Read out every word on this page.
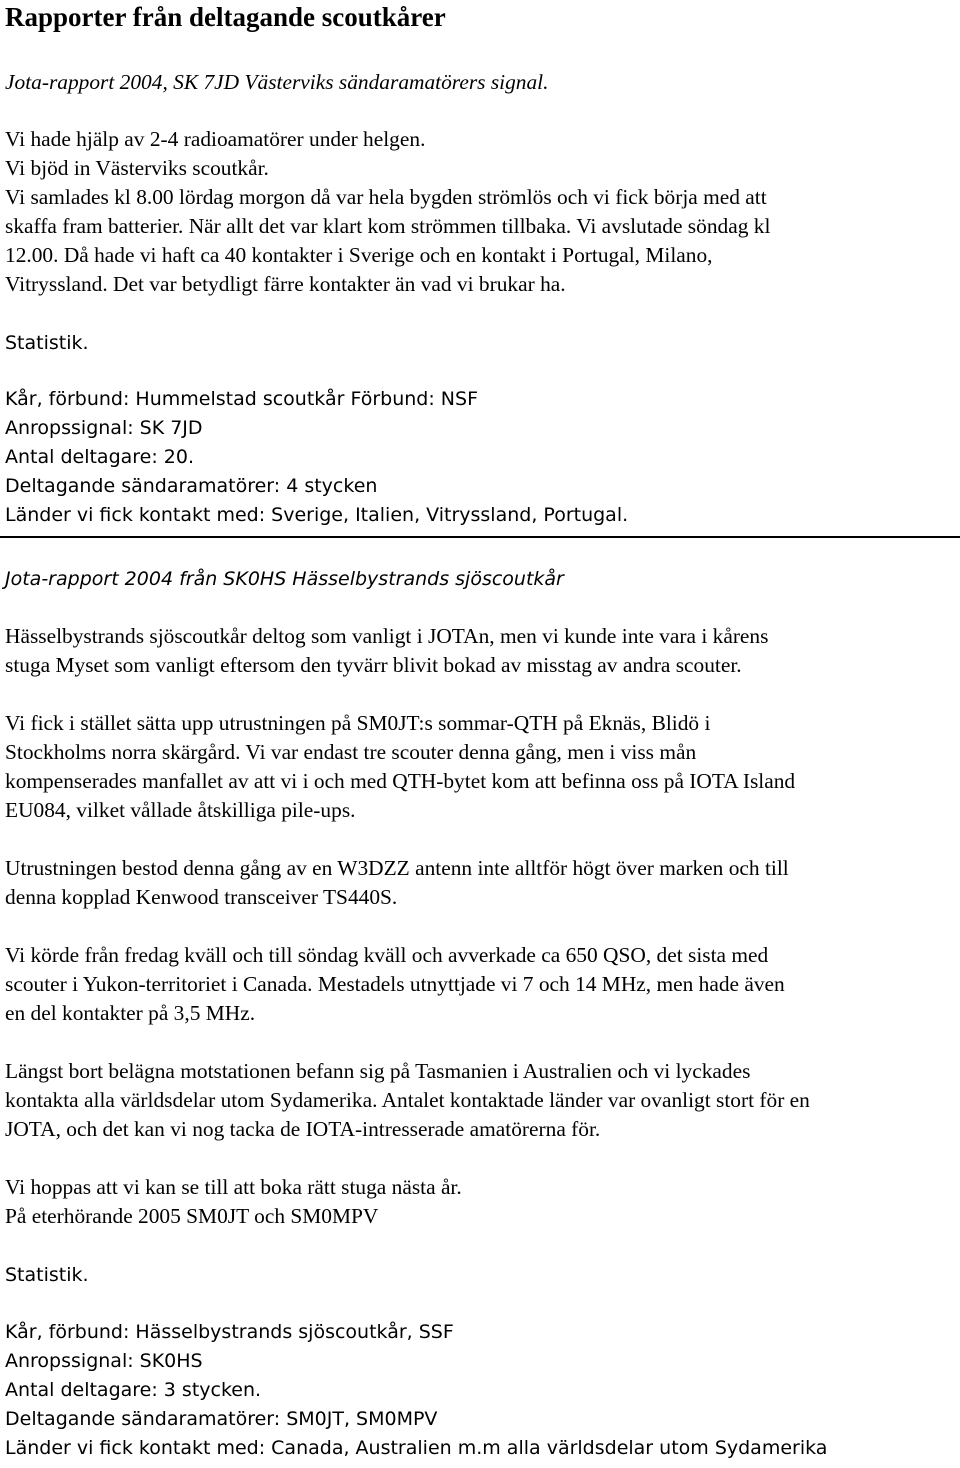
Rapporter från deltagande scoutkårer
Jota-rapport 2004, SK 7JD Västerviks sändaramatörers signal.
Vi hade hjälp av 2-4 radioamatörer under helgen.
Vi bjöd in Västerviks scoutkår.
Vi samlades kl 8.00 lördag morgon då var hela bygden strömlös och vi fick börja med att
skaffa fram batterier. När allt det var klart kom strömmen tillbaka. Vi avslutade söndag kl
12.00. Då hade vi haft ca 40 kontakter i Sverige och en kontakt i Portugal, Milano,
Vitryssland. Det var betydligt färre kontakter än vad vi brukar ha.
Statistik.
Kår, förbund: Hummelstad scoutkår Förbund: NSF
Anropssignal: SK 7JD
Antal deltagare: 20.
Deltagande sändaramatörer: 4 stycken
Länder vi fick kontakt med: Sverige, Italien, Vitryssland, Portugal.
Jota-rapport 2004 från SK0HS Hässelbystrands sjöscoutkår
Hässelbystrands sjöscoutkår deltog som vanligt i JOTAn, men vi kunde inte vara i kårens
stuga Myset som vanligt eftersom den tyvärr blivit bokad av misstag av andra scouter.
Vi fick i stället sätta upp utrustningen på SM0JT:s sommar-QTH på Eknäs, Blidö i
Stockholms norra skärgård. Vi var endast tre scouter denna gång, men i viss mån
kompenserades manfallet av att vi i och med QTH-bytet kom att befinna oss på IOTA Island
EU084, vilket vållade åtskilliga pile-ups.
Utrustningen bestod denna gång av en W3DZZ antenn inte alltför högt över marken och till
denna kopplad Kenwood transceiver TS440S.
Vi körde från fredag kväll och till söndag kväll och avverkade ca 650 QSO, det sista med
scouter i Yukon-territoriet i Canada. Mestadels utnyttjade vi 7 och 14 MHz, men hade även
en del kontakter på 3,5 MHz.
Längst bort belägna motstationen befann sig på Tasmanien i Australien och vi lyckades
kontakta alla världsdelar utom Sydamerika. Antalet kontaktade länder var ovanligt stort för en
JOTA, och det kan vi nog tacka de IOTA-intresserade amatörerna för.
Vi hoppas att vi kan se till att boka rätt stuga nästa år.
På eterhörande 2005 SM0JT och SM0MPV
Statistik.
Kår, förbund: Hässelbystrands sjöscoutkår, SSF
Anropssignal: SK0HS
Antal deltagare: 3 stycken.
Deltagande sändaramatörer: SM0JT, SM0MPV
Länder vi fick kontakt med: Canada, Australien m.m alla världsdelar utom Sydamerika
